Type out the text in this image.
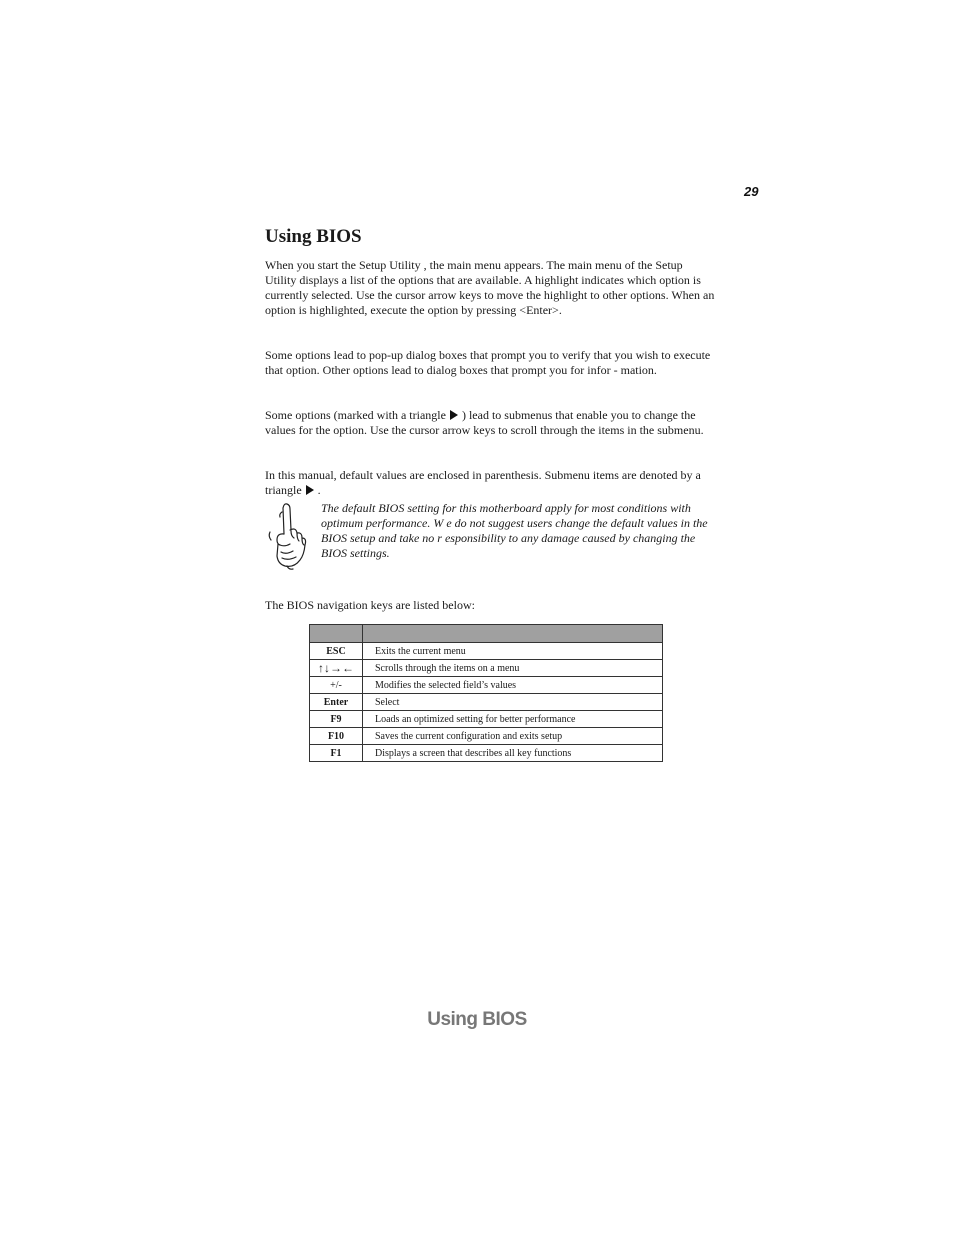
29
Using BIOS

When you start the Setup Utility , the main menu appears. The main menu of the Setup Utility displays a list of the options that are available. A highlight indicates which option is currently selected. Use the cursor arrow keys to move the highlight to other options. When an option is highlighted, execute the option by pressing <Enter>.

Some options lead to pop-up dialog boxes that prompt you to verify that you wish to execute that option. Other options lead to dialog boxes that prompt you for infor - mation.

Some options (marked with a triangle ) lead to submenus that enable you to change the values for the option. Use the cursor arrow keys to scroll through the items in the submenu.

In this manual, default values are enclosed in parenthesis. Submenu items are denoted by a triangle .

The default BIOS setting for this motherboard apply for most conditions with optimum performance. W e do not suggest users change the default values in the BIOS setup and take no r esponsibility to any damage caused by changing the BIOS settings.

The BIOS navigation keys are listed below:

ESC	Exits the current menu
↑↓→←	Scrolls through the items on a menu
+/-	Modifies the selected field’s values
Enter	Select
F9	Loads an optimized setting for better performance
F10	Saves the current configuration and exits setup
F1	Displays a screen that describes all key functions
Using BIOS
